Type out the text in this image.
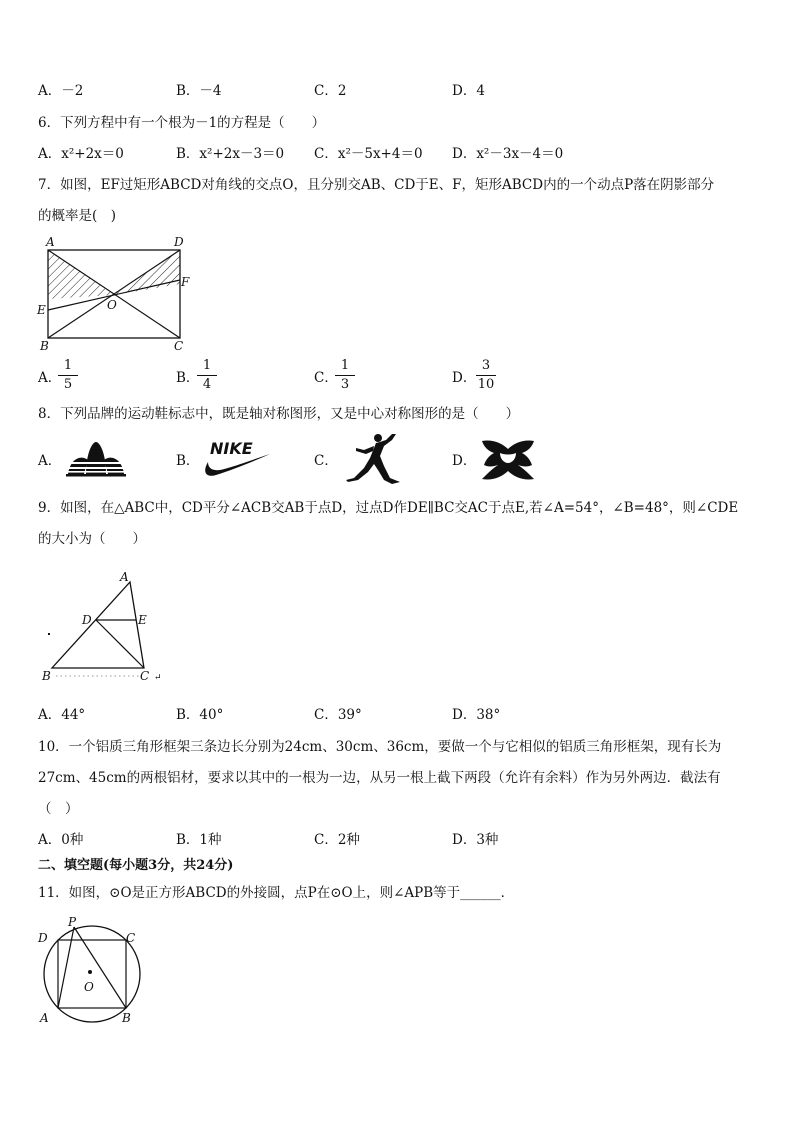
A．－2	B．－4	C．2	D．4
6．下列方程中有一个根为－1的方程是（　　）
A．x²+2x＝0	B．x²+2x－3＝0 C．x²－5x+4＝0 D．x²－3x－4＝0
7．如图，EF过矩形ABCD对角线的交点O，且分别交AB、CD于E、F，矩形ABCD内的一个动点P落在阴影部分
的概率是(　)
A	D
F
O
E
B	C
A．
$\frac{1}{5}$	B．
$\frac{1}{4}$	C．
$\frac{1}{3}$	D． $\frac{3}{10}$
8．下列品牌的运动鞋标志中，既是轴对称图形，又是中心对称图形的是（　　）
A．	B．	C．	D．
NIKE
9．如图，在△ABC中，CD平分∠ACB交AB于点D，过点D作DE∥BC交AC于点E,若∠A=54°，∠B=48°，则∠CDE
的大小为（　　）
A
D	E
B	C ↵
A．44°	B．40°	C．39°	D．38°
10．一个铝质三角形框架三条边长分别为24cm、30cm、36cm，要做一个与它相似的铝质三角形框架，现有长为
27cm、45cm的两根铝材，要求以其中的一根为一边，从另一根上截下两段（允许有余料）作为另外两边．截法有
（　）
A．0种	B．1种	C．2种	D．3种
二、填空题(每小题3分，共24分)
11．如图，⊙O是正方形ABCD的外接圆，点P在⊙O上，则∠APB等于______．
P
D	C
O
A	B
